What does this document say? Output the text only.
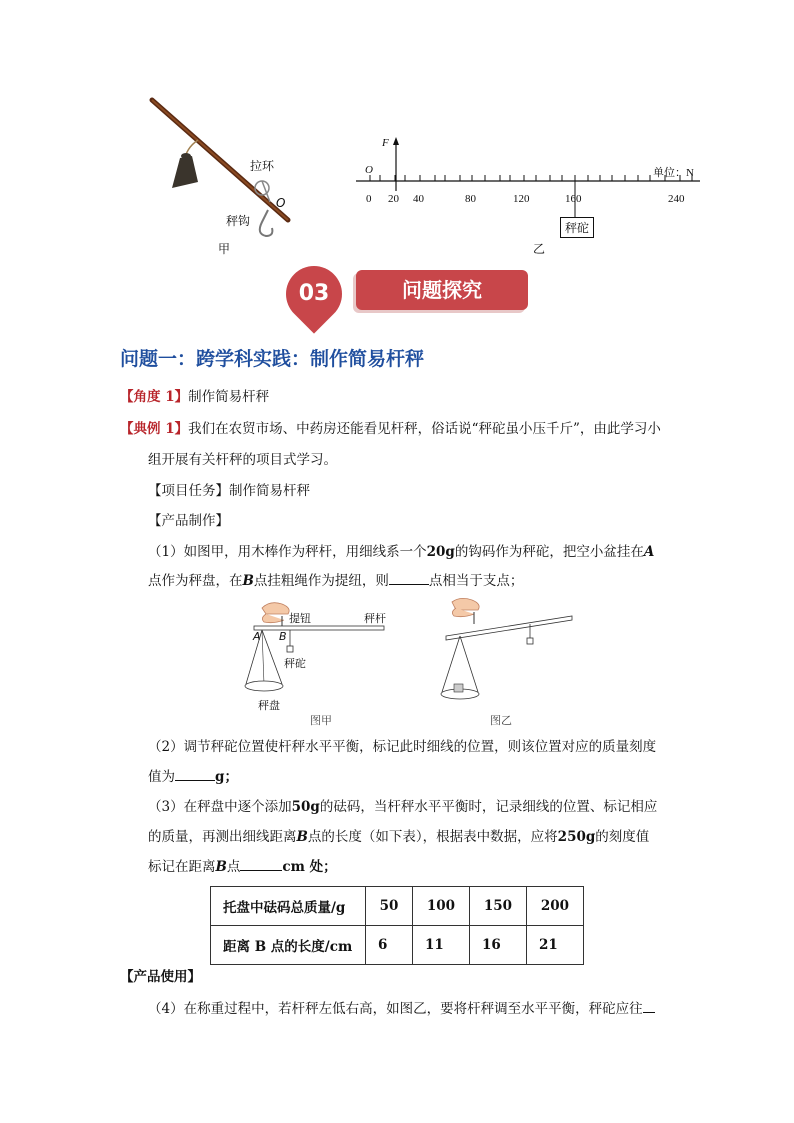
拉环
O
秤钩
甲
F
O	单位：N
0 20 40	80	120	160	240
秤砣
乙
03	问题探究
问题一：跨学科实践：制作简易杆秤
【角度 1】制作简易杆秤
【典例 1】我们在农贸市场、中药房还能看见杆秤，俗话说“秤砣虽小压千斤”，由此学习小
组开展有关杆秤的项目式学习。
【项目任务】制作简易杆秤
【产品制作】
（1）如图甲，用木棒作为秤杆，用细线系一个20g的钩码作为秤砣，把空小盆挂在A
点作为秤盘，在B点挂粗绳作为提纽，则	点相当于支点；
提钮	秤杆
A B
秤砣
秤盘
图甲	图乙
（2）调节秤砣位置使杆秤水平平衡，标记此时细线的位置，则该位置对应的质量刻度
值为	g；
（3）在秤盘中逐个添加50g的砝码，当杆秤水平平衡时，记录细线的位置、标记相应
的质量，再测出细线距离B点的长度（如下表），根据表中数据，应将250g的刻度值
标记在距离B点	cm 处；
托盘中砝码总质量/g	50	100	150	200
距离 B 点的长度/cm	6	11	16	21
【产品使用】
（4）在称重过程中，若杆秤左低右高，如图乙，要将杆秤调至水平平衡，秤砣应往
